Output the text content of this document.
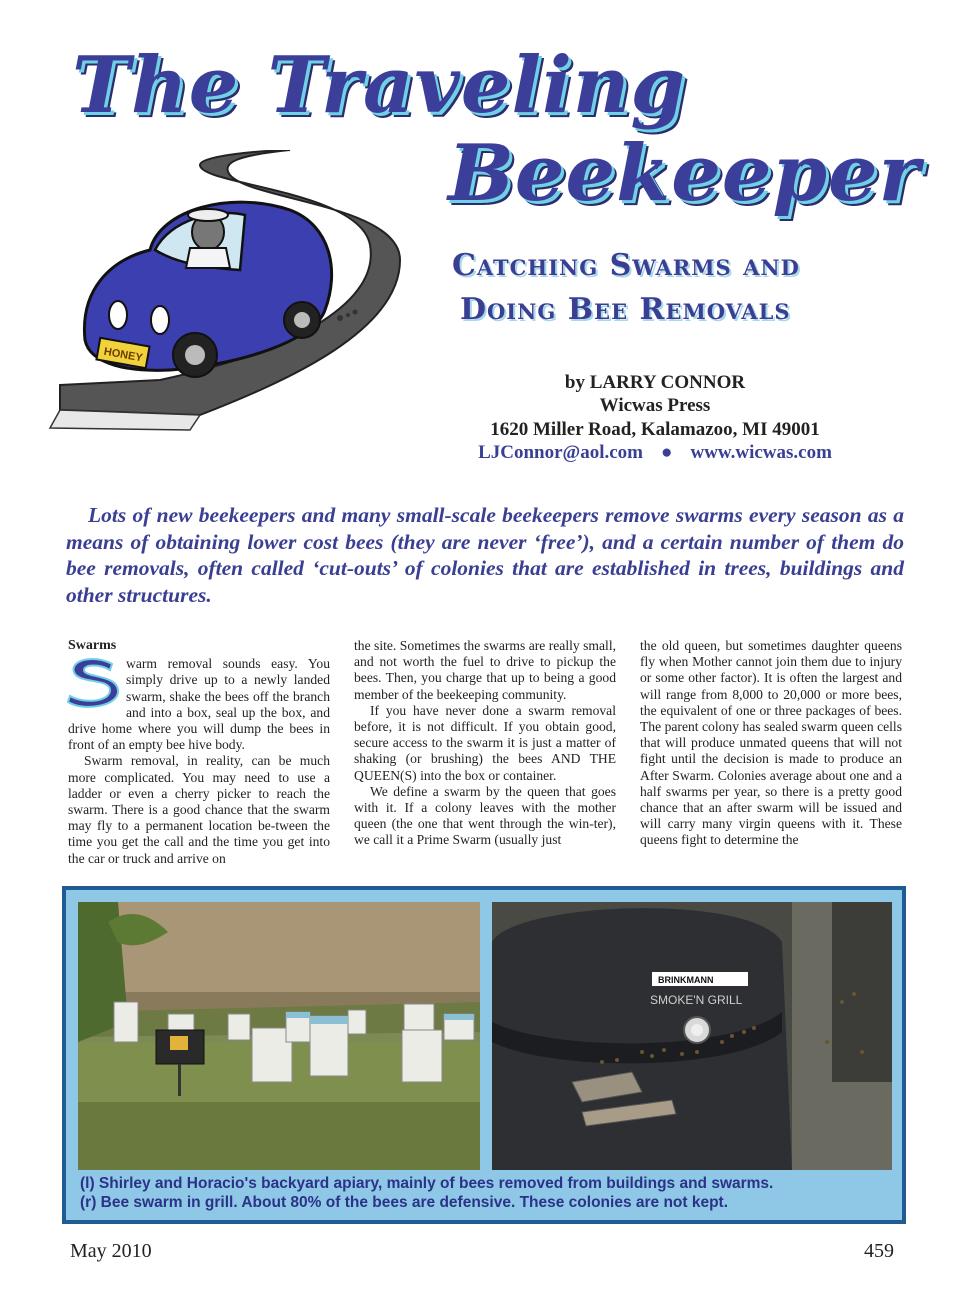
The Traveling
Beekeeper
HONEY
Catching Swarms and
Doing Bee Removals
by LARRY CONNOR
Wicwas Press
1620 Miller Road, Kalamazoo, MI 49001
LJConnor@aol.com ● www.wicwas.com
Lots of new beekeepers and many small-scale beekeepers remove swarms every season as a means of obtaining lower cost bees (they are never ‘free’), and a certain number of them do bee removals, often called ‘cut-outs’ of colonies that are established in trees, buildings and other structures.
Swarms

warm removal sounds easy. You simply drive up to a newly landed swarm, shake the bees off the branch and into a box, seal up the box, and drive home where you will dump the bees in front of an empty bee hive body.

Swarm removal, in reality, can be much more complicated. You may need to use a ladder or even a cherry picker to reach the swarm. There is a good chance that the swarm may fly to a permanent location be-tween the time you get the call and the time you get into the car or truck and arrive on

the site. Sometimes the swarms are really small, and not worth the fuel to drive to pickup the bees. Then, you charge that up to being a good member of the beekeeping community.

If you have never done a swarm removal before, it is not difficult. If you obtain good, secure access to the swarm it is just a matter of shaking (or brushing) the bees AND THE QUEEN(S) into the box or container.

We define a swarm by the queen that goes with it. If a colony leaves with the mother queen (the one that went through the win-ter), we call it a Prime Swarm (usually just

the old queen, but sometimes daughter queens fly when Mother cannot join them due to injury or some other factor). It is often the largest and will range from 8,000 to 20,000 or more bees, the equivalent of one or three packages of bees. The parent colony has sealed swarm queen cells that will produce unmated queens that will not fight until the decision is made to produce an After Swarm. Colonies average about one and a half swarms per year, so there is a pretty good chance that an after swarm will be issued and will carry many virgin queens with it. These queens fight to determine the

BRINKMANN
SMOKE'N GRILL
(l) Shirley and Horacio's backyard apiary, mainly of bees removed from buildings and swarms.
(r) Bee swarm in grill. About 80% of the bees are defensive. These colonies are not kept.
May 2010	459
